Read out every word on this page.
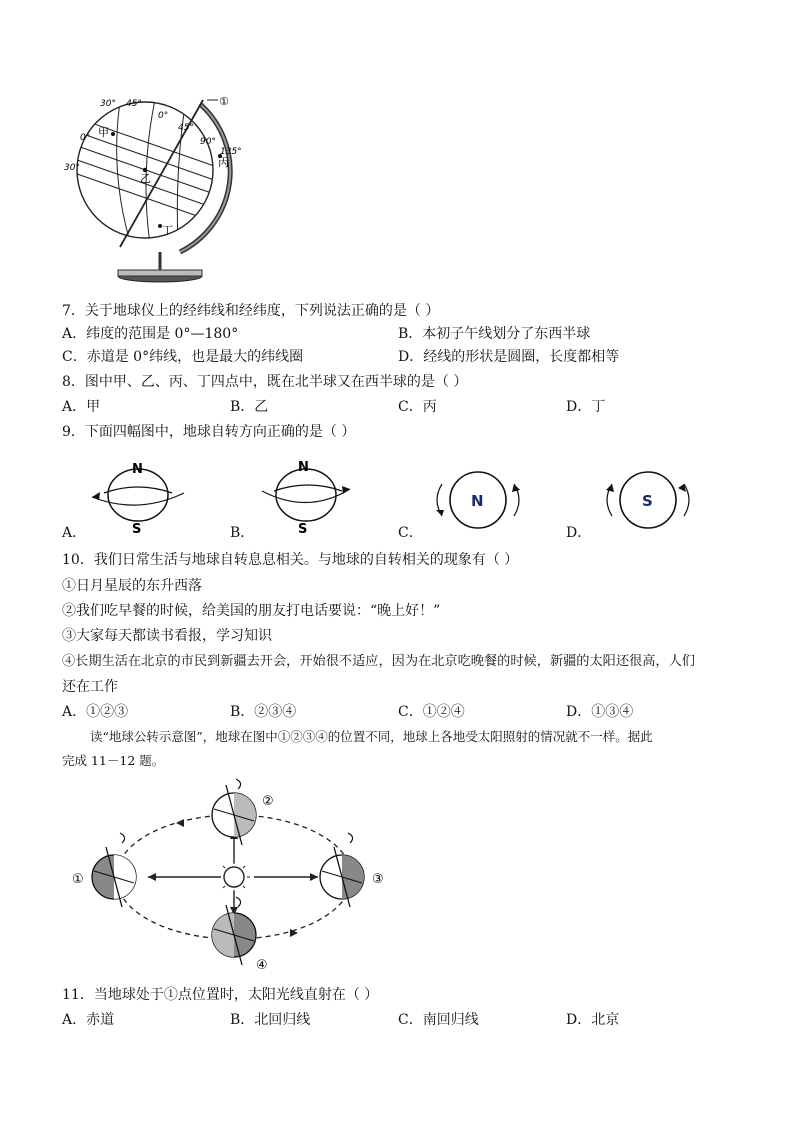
①
30° 45°
0°
45°
90°
135°
0°
30°
甲
乙
丙
丁
7．关于地球仪上的经纬线和经纬度，下列说法正确的是（ ）
A．纬度的范围是 0°—180°	B．本初子午线划分了东西半球
C．赤道是 0°纬线，也是最大的纬线圈	D．经线的形状是圆圈，长度都相等
8．图中甲、乙、丙、丁四点中，既在北半球又在西半球的是（ ）
A．甲	B．乙	C．丙	D．丁
9．下面四幅图中，地球自转方向正确的是（ ）
N
S
A．
N
S
B．
N
C．
S
D．
10．我们日常生活与地球自转息息相关。与地球的自转相关的现象有（ ）
①日月星辰的东升西落
②我们吃早餐的时候，给美国的朋友打电话要说：“晚上好！”
③大家每天都读书看报，学习知识
④长期生活在北京的市民到新疆去开会，开始很不适应，因为在北京吃晚餐的时候，新疆的太阳还很高，人们
还在工作
A．①②③	B．②③④	C．①②④	D．①③④
读“地球公转示意图”，地球在图中①②③④的位置不同，地球上各地受太阳照射的情况就不一样。据此
完成 11－12 题。
①
②
③
④
11．当地球处于①点位置时，太阳光线直射在（ ）
A．赤道	B．北回归线	C．南回归线	D．北京
